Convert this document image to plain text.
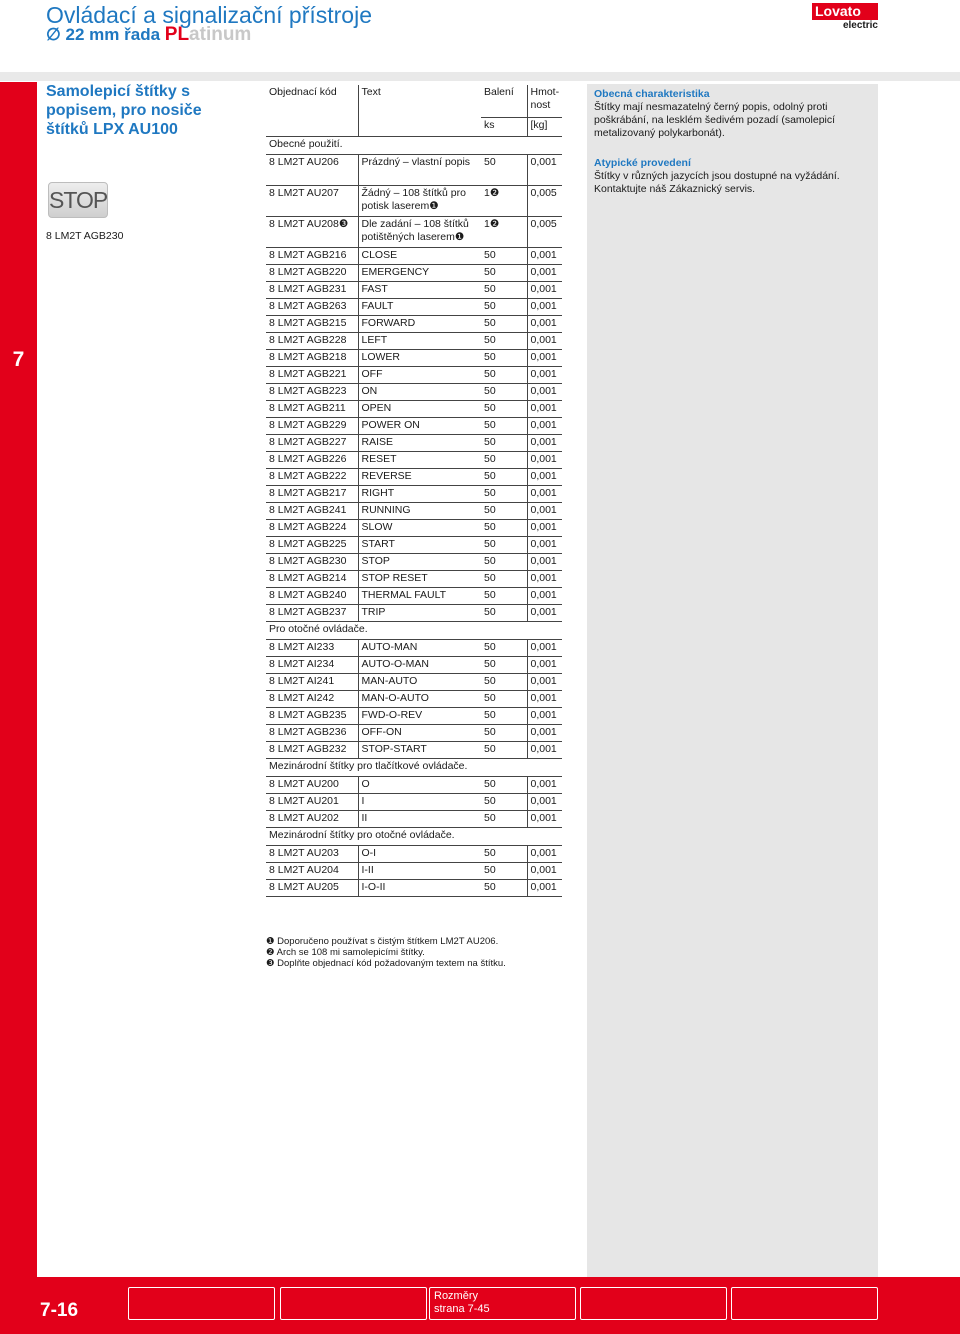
Ovládací a signalizační přístroje
∅ 22 mm řada PLatinum
Lovato
electric
7
Samolepicí štítky s popisem, pro nosiče štítků LPX AU100
STOP
8 LM2T AGB230
Obecná charakteristika
Štítky mají nesmazatelný černý popis, odolný proti poškrábání, na lesklém šedivém pozadí (samolepicí metalizovaný polykarbonát).
Atypické provedení
Štítky v různých jazycích jsou dostupné na vyžádání. Kontaktujte náš Zákaznický servis.
Objednací kód	Text	Balení	Hmot-nost
		ks	[kg]
Obecné použití.			
8 LM2T AU206	Prázdný – vlastní popis	50	0,001
8 LM2T AU207	Žádný – 108 štítků pro potisk laserem❶	1❷	0,005
8 LM2T AU208❸	Dle zadání – 108 štítků potištěných laserem❶	1❷	0,005
8 LM2T AGB216	CLOSE	50	0,001
8 LM2T AGB220	EMERGENCY	50	0,001
8 LM2T AGB231	FAST	50	0,001
8 LM2T AGB263	FAULT	50	0,001
8 LM2T AGB215	FORWARD	50	0,001
8 LM2T AGB228	LEFT	50	0,001
8 LM2T AGB218	LOWER	50	0,001
8 LM2T AGB221	OFF	50	0,001
8 LM2T AGB223	ON	50	0,001
8 LM2T AGB211	OPEN	50	0,001
8 LM2T AGB229	POWER ON	50	0,001
8 LM2T AGB227	RAISE	50	0,001
8 LM2T AGB226	RESET	50	0,001
8 LM2T AGB222	REVERSE	50	0,001
8 LM2T AGB217	RIGHT	50	0,001
8 LM2T AGB241	RUNNING	50	0,001
8 LM2T AGB224	SLOW	50	0,001
8 LM2T AGB225	START	50	0,001
8 LM2T AGB230	STOP	50	0,001
8 LM2T AGB214	STOP RESET	50	0,001
8 LM2T AGB240	THERMAL FAULT	50	0,001
8 LM2T AGB237	TRIP	50	0,001
Pro otočné ovládače.			
8 LM2T AI233	AUTO-MAN	50	0,001
8 LM2T AI234	AUTO-O-MAN	50	0,001
8 LM2T AI241	MAN-AUTO	50	0,001
8 LM2T AI242	MAN-O-AUTO	50	0,001
8 LM2T AGB235	FWD-O-REV	50	0,001
8 LM2T AGB236	OFF-ON	50	0,001
8 LM2T AGB232	STOP-START	50	0,001
Mezinárodní štítky pro tlačítkové ovládače.			
8 LM2T AU200	O	50	0,001
8 LM2T AU201	I	50	0,001
8 LM2T AU202	II	50	0,001
Mezinárodní štítky pro otočné ovládače.			
8 LM2T AU203	O-I	50	0,001
8 LM2T AU204	I-II	50	0,001
8 LM2T AU205	I-O-II	50	0,001
❶ Doporučeno používat s čistým štítkem LM2T AU206.
❷ Arch se 108 mi samolepicími štítky.
❸ Doplňte objednací kód požadovaným textem na štítku.
7-16
Rozměry
strana 7-45
